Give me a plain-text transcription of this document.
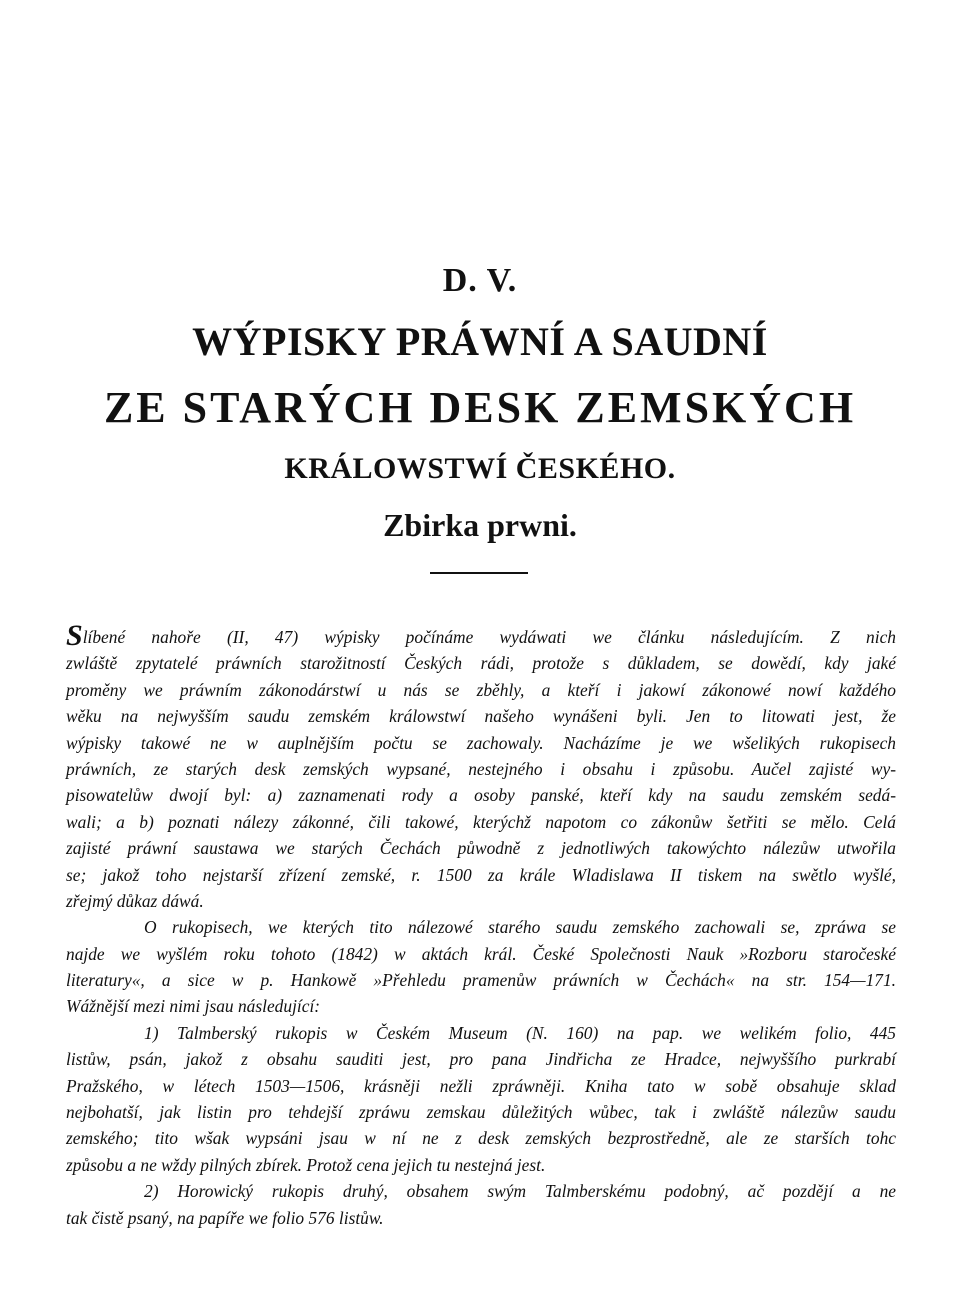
D. V.
WÝPISKY PRÁWNÍ A SAUDNÍ
ZE STARÝCH DESK ZEMSKÝCH
KRÁLOWSTWÍ ČESKÉHO.
Zbirka prwni.
Slíbené nahoře (II, 47) wýpisky počínáme wydáwati we článku následujícím. Z nich
zwláště zpytatelé práwních starožitností Českých rádi, protože s důkladem, se dowědí, kdy jaké
proměny we práwním zákonodárstwí u nás se zběhly, a kteří i jakowí zákonowé nowí každého
wěku na nejwyšším saudu zemském králowstwí našeho wynášeni byli. Jen to litowati jest, že
wýpisky takowé ne w auplnějším počtu se zachowaly. Nacházíme je we wšelikých rukopisech
práwních, ze starých desk zemských wypsané, nestejného i obsahu i způsobu. Aučel zajisté wy-
pisowatelůw dwojí byl: a) zaznamenati rody a osoby panské, kteří kdy na saudu zemském sedá-
wali; a b) poznati nálezy zákonné, čili takowé, kterýchž napotom co zákonůw šetřiti se mělo. Celá
zajisté práwní saustawa we starých Čechách půwodně z jednotliwých takowýchto nálezůw utwořila
se; jakož toho nejstarší zřízení zemské, r. 1500 za krále Wladislawa II tiskem na swětlo wyšlé,
zřejmý důkaz dáwá.
O rukopisech, we kterých tito nálezowé starého saudu zemského zachowali se, zpráwa se
najde we wyšlém roku tohoto (1842) w aktách král. České Společnosti Nauk »Rozboru staročeské
literatury«, a sice w p. Hankowě »Přehledu pramenůw práwních w Čechách« na str. 154—171.
Wážnější mezi nimi jsau následující:
1) Talmberský rukopis w Českém Museum (N. 160) na pap. we welikém folio, 445
listůw, psán, jakož z obsahu sauditi jest, pro pana Jindřicha ze Hradce, nejwyššího purkrabí
Pražského, w létech 1503—1506, krásněji nežli zpráwněji. Kniha tato w sobě obsahuje sklad
nejbohatší, jak listin pro tehdejší zpráwu zemskau důležitých wůbec, tak i zwláště nálezůw saudu
zemského; tito wšak wypsáni jsau w ní ne z desk zemských bezprostředně, ale ze starších tohc
způsobu a ne wždy pilných zbírek. Protož cena jejich tu nestejná jest.
2) Horowický rukopis druhý, obsahem swým Talmberskému podobný, ač pozdějí a ne
tak čistě psaný, na papíře we folio 576 listůw.
